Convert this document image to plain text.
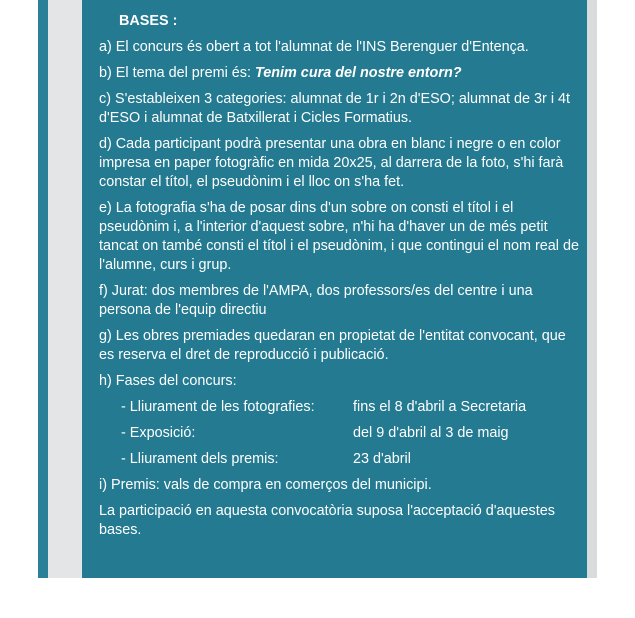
BASES :

a) El concurs és obert a tot l'alumnat de l'INS Berenguer d'Entença.

b) El tema del premi és: Tenim cura del nostre entorn?

c) S'estableixen 3 categories: alumnat de 1r i 2n d'ESO; alumnat de 3r i 4t d'ESO i alumnat de Batxillerat i Cicles Formatius.

d) Cada participant podrà presentar una obra en blanc i negre o en color impresa en paper fotogràfic en mida 20x25, al darrera de la foto, s'hi farà constar el títol, el pseudònim i el lloc on s'ha fet.

e) La fotografia s'ha de posar dins d'un sobre on consti el títol i el pseudònim i, a l'interior d'aquest sobre, n'hi ha d'haver un de més petit tancat on també consti el títol i el pseudònim, i que contingui el nom real de l'alumne, curs i grup.

f) Jurat: dos membres de l'AMPA, dos professors/es del centre i una persona de l'equip directiu

g) Les obres premiades quedaran en propietat de l'entitat convocant, que es reserva el dret de reproducció i publicació.

h) Fases del concurs:

- Lliurament de les fotografies:	fins el 8 d'abril a Secretaria
- Exposició:	del 9 d'abril al 3 de maig
- Lliurament dels premis:	23 d'abril

i) Premis: vals de compra en comerços del municipi.

La participació en aquesta convocatòria suposa l'acceptació d'aquestes bases.
